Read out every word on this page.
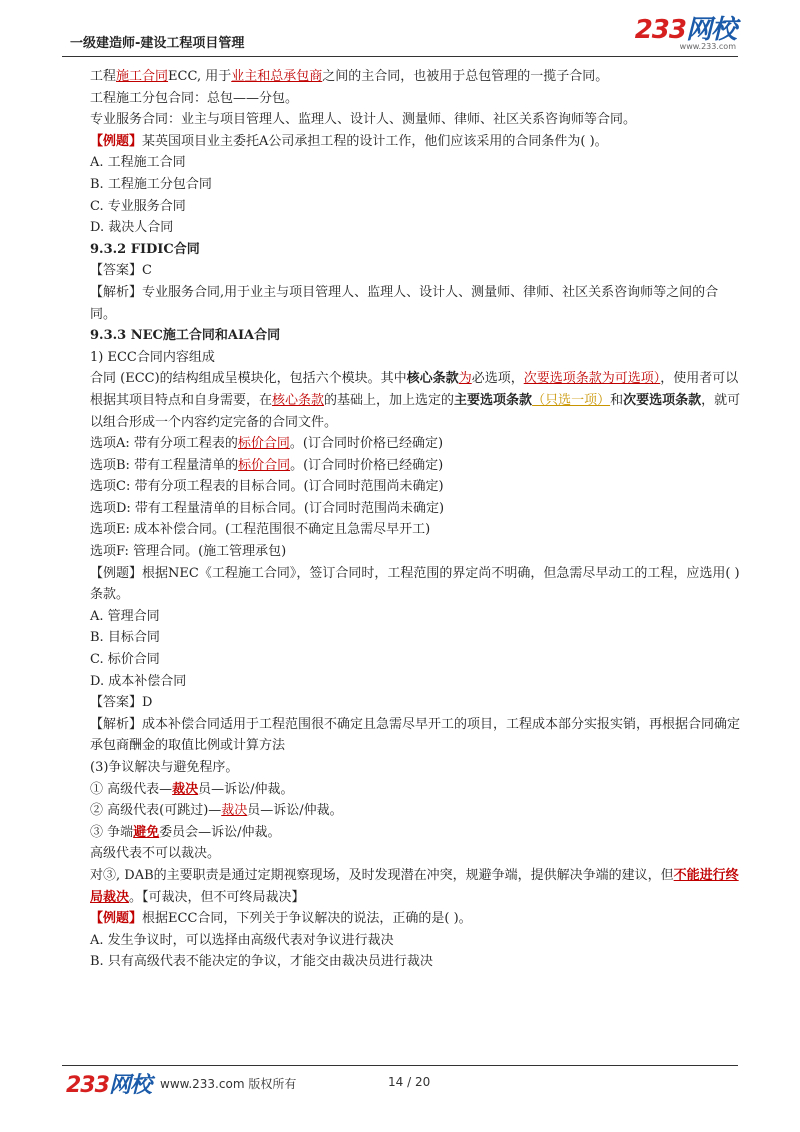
一级建造师-建设工程项目管理	233网校
www.233.com

工程施工合同ECC, 用于业主和总承包商之间的主合同，也被用于总包管理的一揽子合同。

工程施工分包合同：总包——分包。

专业服务合同：业主与项目管理人、监理人、设计人、测量师、律师、社区关系咨询师等合同。

【例题】某英国项目业主委托A公司承担工程的设计工作，他们应该采用的合同条件为( )。

A. 工程施工合同

B. 工程施工分包合同

C. 专业服务合同

D. 裁决人合同

9.3.2 FIDIC合同

【答案】C

【解析】专业服务合同,用于业主与项目管理人、监理人、设计人、测量师、律师、社区关系咨询师等之间的合同。

9.3.3 NEC施工合同和AIA合同

1) ECC合同内容组成

合同 (ECC)的结构组成呈模块化，包括六个模块。其中核心条款为必选项，次要选项条款为可选项），使用者可以根据其项目特点和自身需要，在核心条款的基础上，加上选定的主要选项条款（只选一项）和次要选项条款，就可以组合形成一个内容约定完备的合同文件。

选项A: 带有分项工程表的标价合同。(订合同时价格已经确定)

选项B: 带有工程量清单的标价合同。(订合同时价格已经确定)

选项C: 带有分项工程表的目标合同。(订合同时范围尚未确定)

选项D: 带有工程量清单的目标合同。(订合同时范围尚未确定)

选项E: 成本补偿合同。(工程范围很不确定且急需尽早开工)

选项F: 管理合同。(施工管理承包)

【例题】根据NEC《工程施工合同》，签订合同时，工程范围的界定尚不明确，但急需尽早动工的工程，应选用( )条款。

A. 管理合同

B. 目标合同

C. 标价合同

D. 成本补偿合同

【答案】D

【解析】成本补偿合同适用于工程范围很不确定且急需尽早开工的项目，工程成本部分实报实销，再根据合同确定承包商酬金的取值比例或计算方法

(3)争议解决与避免程序。

① 高级代表—裁决员—诉讼/仲裁。

② 高级代表(可跳过)—裁决员—诉讼/仲裁。

③ 争端避免委员会—诉讼/仲裁。

高级代表不可以裁决。

对③, DAB的主要职责是通过定期视察现场，及时发现潜在冲突，规避争端，提供解决争端的建议，但不能进行终局裁决。【可裁决，但不可终局裁决】

【例题】根据ECC合同，下列关于争议解决的说法，正确的是( )。

A. 发生争议时，可以选择由高级代表对争议进行裁决

B. 只有高级代表不能决定的争议，才能交由裁决员进行裁决

233网校 www.233.com 版权所有	14 / 20
